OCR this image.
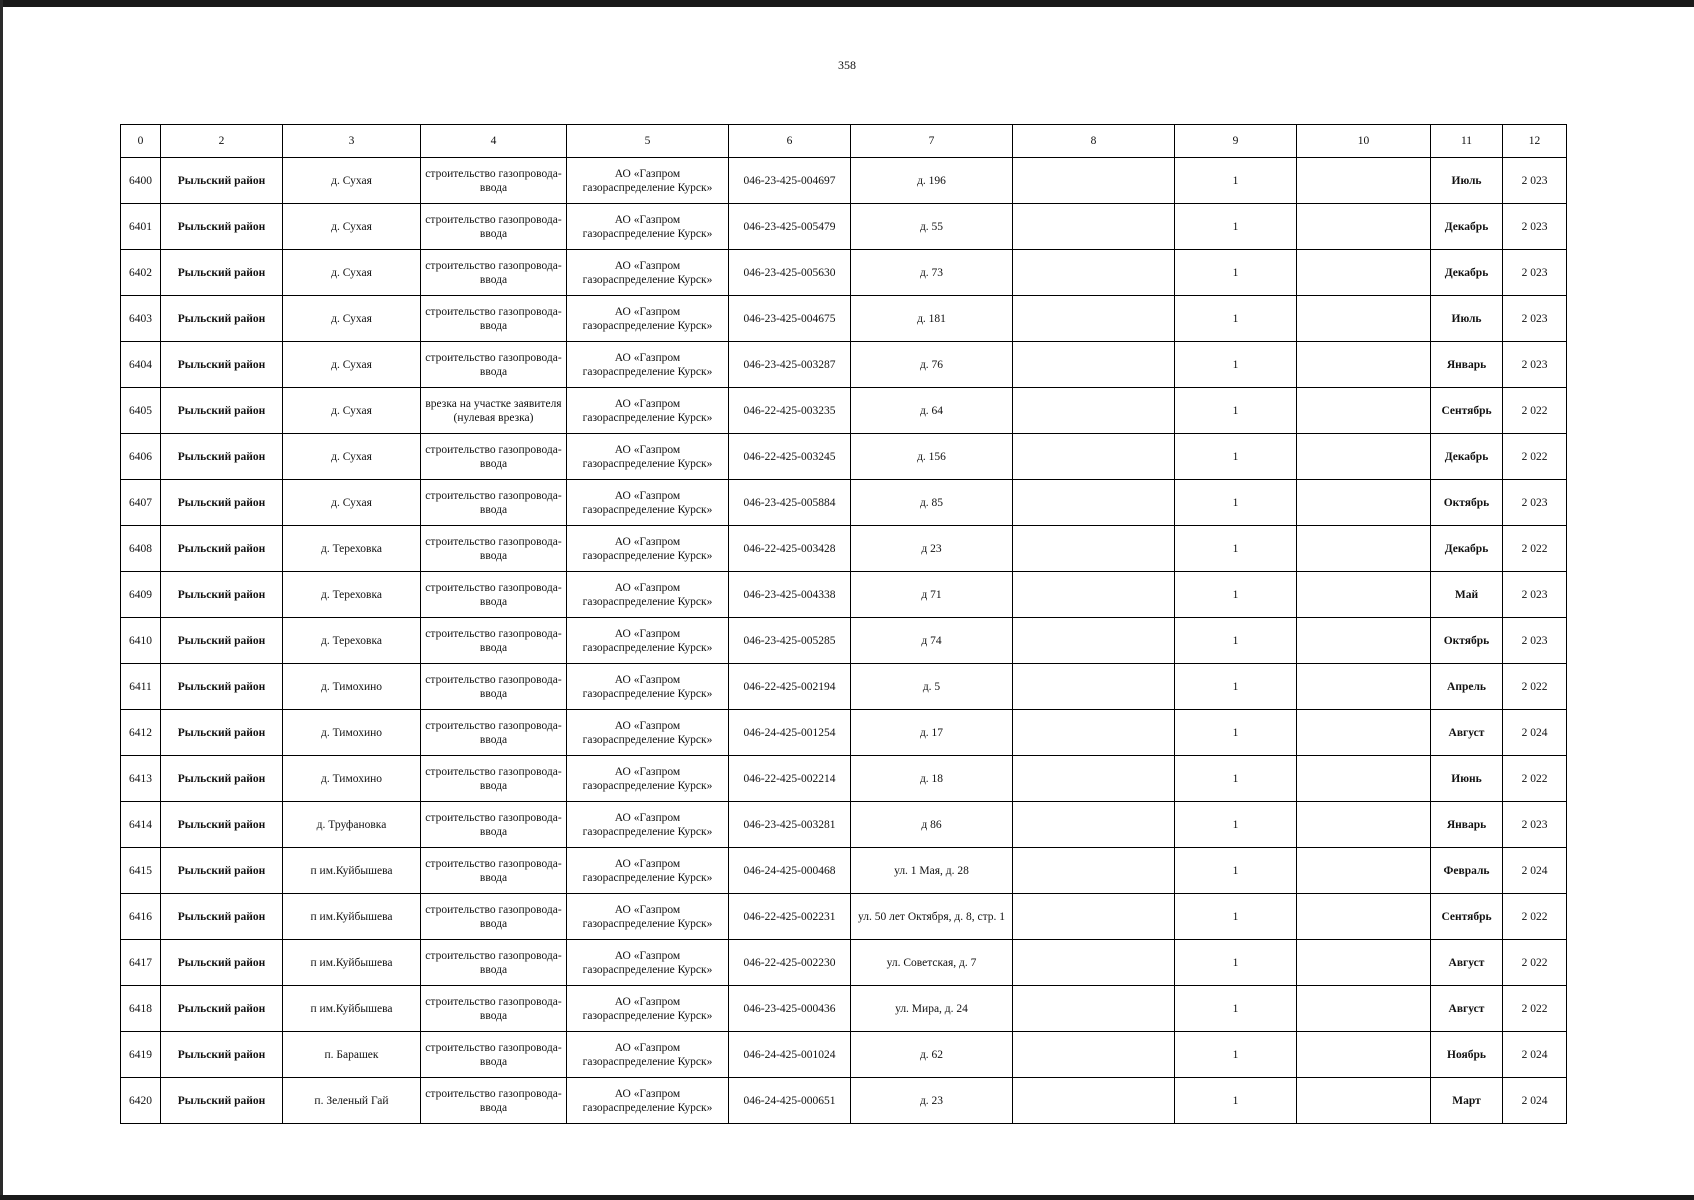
358
0	2	3	4	5	6	7	8	9	10	11	12
6400	Рыльский район	д. Сухая	строительство газопровода-ввода	АО «Газпром газораспределение Курск»	046-23-425-004697	д. 196		1		Июль	2 023
6401	Рыльский район	д. Сухая	строительство газопровода-ввода	АО «Газпром газораспределение Курск»	046-23-425-005479	д. 55		1		Декабрь	2 023
6402	Рыльский район	д. Сухая	строительство газопровода-ввода	АО «Газпром газораспределение Курск»	046-23-425-005630	д. 73		1		Декабрь	2 023
6403	Рыльский район	д. Сухая	строительство газопровода-ввода	АО «Газпром газораспределение Курск»	046-23-425-004675	д. 181		1		Июль	2 023
6404	Рыльский район	д. Сухая	строительство газопровода-ввода	АО «Газпром газораспределение Курск»	046-23-425-003287	д. 76		1		Январь	2 023
6405	Рыльский район	д. Сухая	врезка на участке заявителя (нулевая врезка)	АО «Газпром газораспределение Курск»	046-22-425-003235	д. 64		1		Сентябрь	2 022
6406	Рыльский район	д. Сухая	строительство газопровода-ввода	АО «Газпром газораспределение Курск»	046-22-425-003245	д. 156		1		Декабрь	2 022
6407	Рыльский район	д. Сухая	строительство газопровода-ввода	АО «Газпром газораспределение Курск»	046-23-425-005884	д. 85		1		Октябрь	2 023
6408	Рыльский район	д. Тереховка	строительство газопровода-ввода	АО «Газпром газораспределение Курск»	046-22-425-003428	д 23		1		Декабрь	2 022
6409	Рыльский район	д. Тереховка	строительство газопровода-ввода	АО «Газпром газораспределение Курск»	046-23-425-004338	д 71		1		Май	2 023
6410	Рыльский район	д. Тереховка	строительство газопровода-ввода	АО «Газпром газораспределение Курск»	046-23-425-005285	д 74		1		Октябрь	2 023
6411	Рыльский район	д. Тимохино	строительство газопровода-ввода	АО «Газпром газораспределение Курск»	046-22-425-002194	д. 5		1		Апрель	2 022
6412	Рыльский район	д. Тимохино	строительство газопровода-ввода	АО «Газпром газораспределение Курск»	046-24-425-001254	д. 17		1		Август	2 024
6413	Рыльский район	д. Тимохино	строительство газопровода-ввода	АО «Газпром газораспределение Курск»	046-22-425-002214	д. 18		1		Июнь	2 022
6414	Рыльский район	д. Труфановка	строительство газопровода-ввода	АО «Газпром газораспределение Курск»	046-23-425-003281	д 86		1		Январь	2 023
6415	Рыльский район	п им.Куйбышева	строительство газопровода-ввода	АО «Газпром газораспределение Курск»	046-24-425-000468	ул. 1 Мая, д. 28		1		Февраль	2 024
6416	Рыльский район	п им.Куйбышева	строительство газопровода-ввода	АО «Газпром газораспределение Курск»	046-22-425-002231	ул. 50 лет Октября, д. 8, стр. 1		1		Сентябрь	2 022
6417	Рыльский район	п им.Куйбышева	строительство газопровода-ввода	АО «Газпром газораспределение Курск»	046-22-425-002230	ул. Советская, д. 7		1		Август	2 022
6418	Рыльский район	п им.Куйбышева	строительство газопровода-ввода	АО «Газпром газораспределение Курск»	046-23-425-000436	ул. Мира, д. 24		1		Август	2 022
6419	Рыльский район	п. Барашек	строительство газопровода-ввода	АО «Газпром газораспределение Курск»	046-24-425-001024	д. 62		1		Ноябрь	2 024
6420	Рыльский район	п. Зеленый Гай	строительство газопровода-ввода	АО «Газпром газораспределение Курск»	046-24-425-000651	д. 23		1		Март	2 024
